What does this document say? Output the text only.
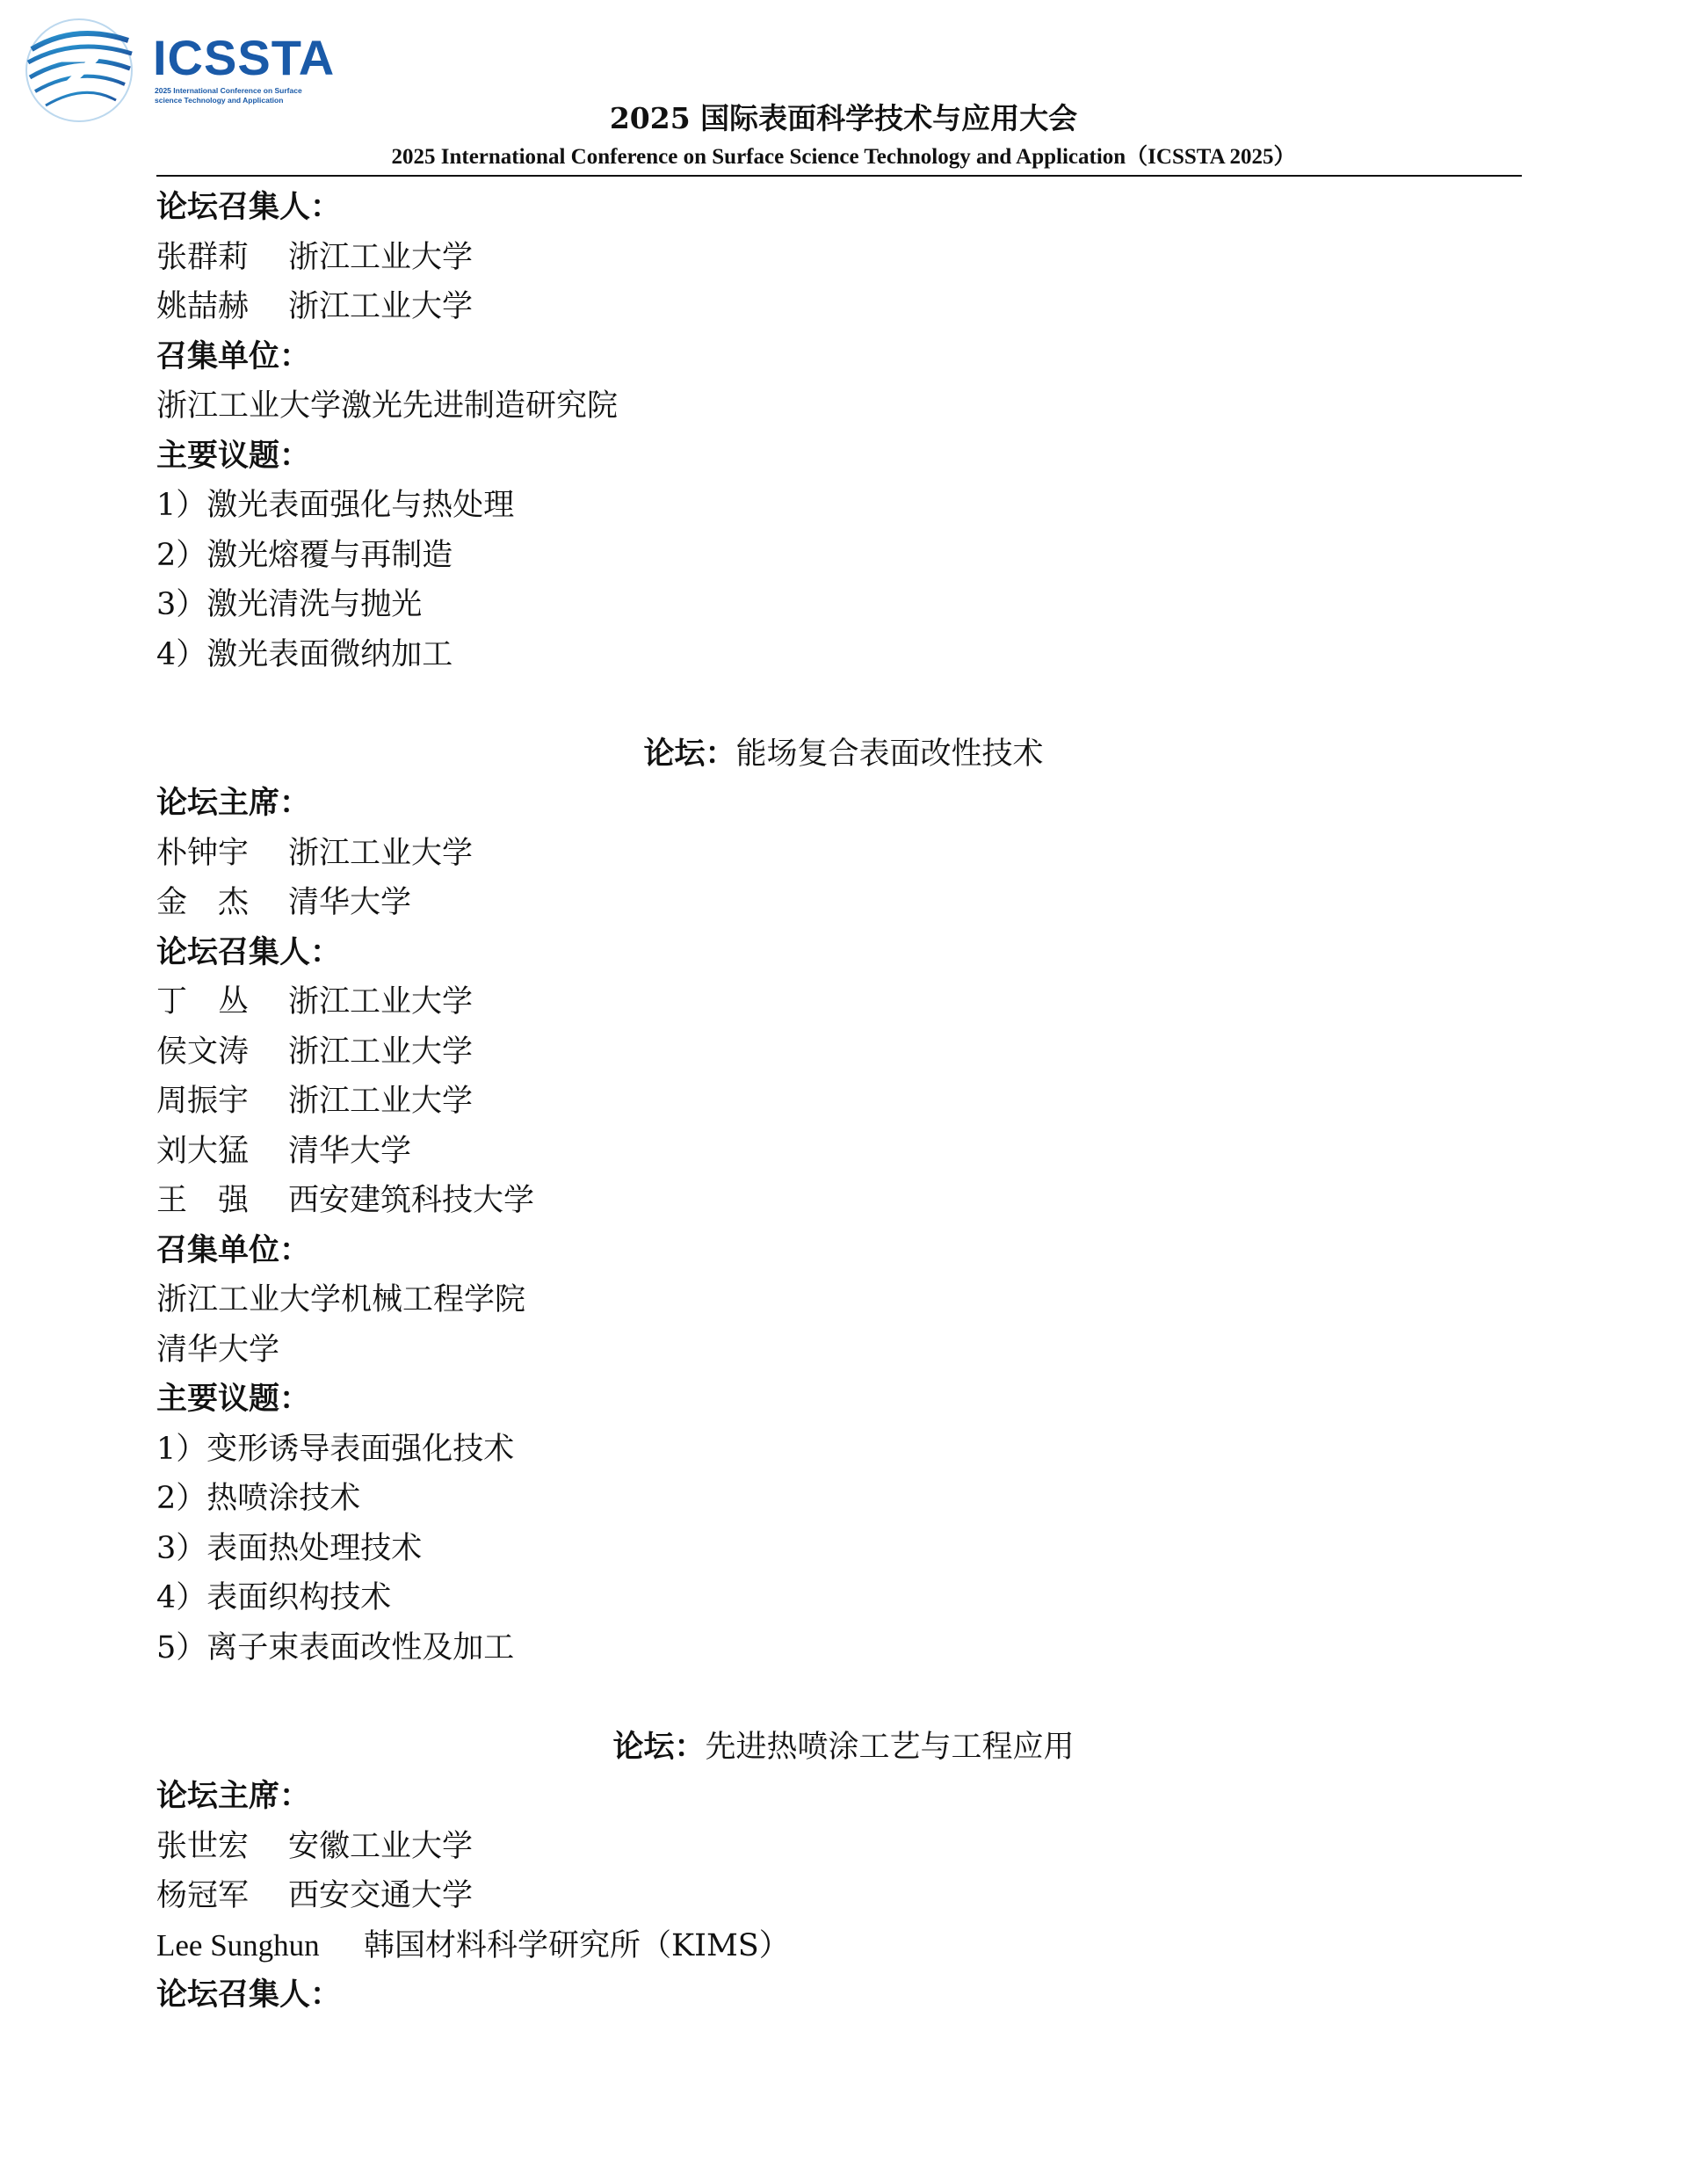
ICSSTA
2025 International Conference on Surface science Technology and Application
2025 国际表面科学技术与应用大会
2025 International Conference on Surface Science Technology and Application（ICSSTA 2025）
论坛召集人：
张群莉 浙江工业大学
姚喆赫 浙江工业大学
召集单位：
浙江工业大学激光先进制造研究院
主要议题：
1）激光表面强化与热处理
2）激光熔覆与再制造
3）激光清洗与抛光
4）激光表面微纳加工
论坛：能场复合表面改性技术
论坛主席：
朴钟宇 浙江工业大学
金　杰 清华大学
论坛召集人：
丁　丛 浙江工业大学
侯文涛 浙江工业大学
周振宇 浙江工业大学
刘大猛 清华大学
王　强 西安建筑科技大学
召集单位：
浙江工业大学机械工程学院
清华大学
主要议题：
1）变形诱导表面强化技术
2）热喷涂技术
3）表面热处理技术
4）表面织构技术
5）离子束表面改性及加工
论坛：先进热喷涂工艺与工程应用
论坛主席：
张世宏 安徽工业大学
杨冠军 西安交通大学
Lee Sunghun 韩国材料科学研究所（KIMS）
论坛召集人：
